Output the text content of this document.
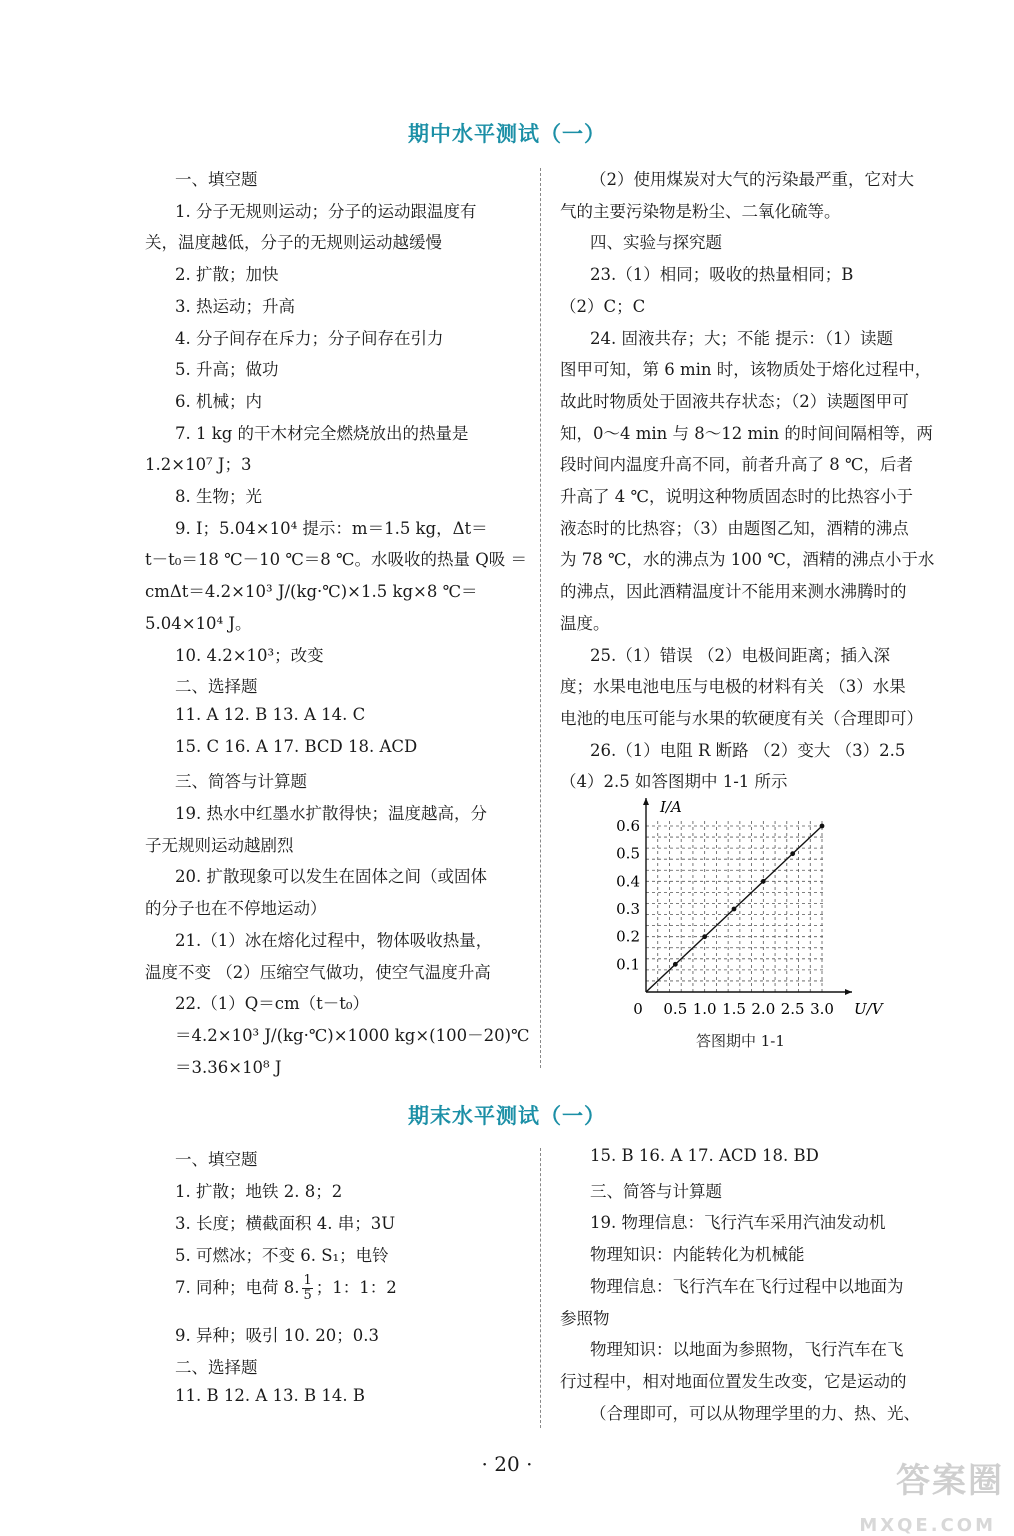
期中水平测试（一）
一、填空题
1. 分子无规则运动；分子的运动跟温度有
关，温度越低，分子的无规则运动越缓慢
2. 扩散；加快
3. 热运动；升高
4. 分子间存在斥力；分子间存在引力
5. 升高；做功
6. 机械；内
7. 1 kg 的干木材完全燃烧放出的热量是
1.2×10⁷ J；3
8. 生物；光
9. Ⅰ；5.04×10⁴ 提示：m＝1.5 kg，Δt＝
t－t₀＝18 ℃－10 ℃＝8 ℃。水吸收的热量 Q吸 ＝
cmΔt＝4.2×10³ J/(kg·℃)×1.5 kg×8 ℃＝
5.04×10⁴ J。
10. 4.2×10³；改变
二、选择题
11. A 12. B 13. A 14. C
15. C 16. A 17. BCD 18. ACD
三、简答与计算题
19. 热水中红墨水扩散得快；温度越高，分
子无规则运动越剧烈
20. 扩散现象可以发生在固体之间（或固体
的分子也在不停地运动）
21.（1）冰在熔化过程中，物体吸收热量，
温度不变 （2）压缩空气做功，使空气温度升高
22.（1）Q＝cm（t－t₀）
＝4.2×10³ J/(kg·℃)×1000 kg×(100－20)℃
＝3.36×10⁸ J
（2）使用煤炭对大气的污染最严重，它对大
气的主要污染物是粉尘、二氧化硫等。
四、实验与探究题
23.（1）相同；吸收的热量相同；B
（2）C；C
24. 固液共存；大；不能 提示：（1）读题
图甲可知，第 6 min 时，该物质处于熔化过程中，
故此时物质处于固液共存状态；（2）读题图甲可
知，0～4 min 与 8～12 min 的时间间隔相等，两
段时间内温度升高不同，前者升高了 8 ℃，后者
升高了 4 ℃，说明这种物质固态时的比热容小于
液态时的比热容；（3）由题图乙知，酒精的沸点
为 78 ℃，水的沸点为 100 ℃，酒精的沸点小于水
的沸点，因此酒精温度计不能用来测水沸腾时的
温度。
25.（1）错误 （2）电极间距离；插入深
度；水果电池电压与电极的材料有关 （3）水果
电池的电压可能与水果的软硬度有关（合理即可）
26.（1）电阻 R 断路 （2）变大 （3）2.5
（4）2.5 如答图期中 1-1 所示
I/A
U/V
0 0.5 1.0 1.5 2.0 2.5 3.0
0.1
0.2
0.3
0.4
0.5
0.6
答图期中 1-1
期末水平测试（一）
一、填空题
1. 扩散；地铁 2. 8；2
3. 长度；横截面积 4. 串；3U
5. 可燃冰；不变 6. S₁；电铃
7. 同种；电荷 8. $\frac{1}{5}$ ；1：1：2
9. 异种；吸引 10. 20；0.3
二、选择题
11. B 12. A 13. B 14. B
15. B 16. A 17. ACD 18. BD
三、简答与计算题
19. 物理信息：飞行汽车采用汽油发动机
物理知识：内能转化为机械能
物理信息：飞行汽车在飞行过程中以地面为
参照物
物理知识：以地面为参照物，飞行汽车在飞
行过程中，相对地面位置发生改变，它是运动的
（合理即可，可以从物理学里的力、热、光、
· 20 ·	答案圈
MXQE.COM
